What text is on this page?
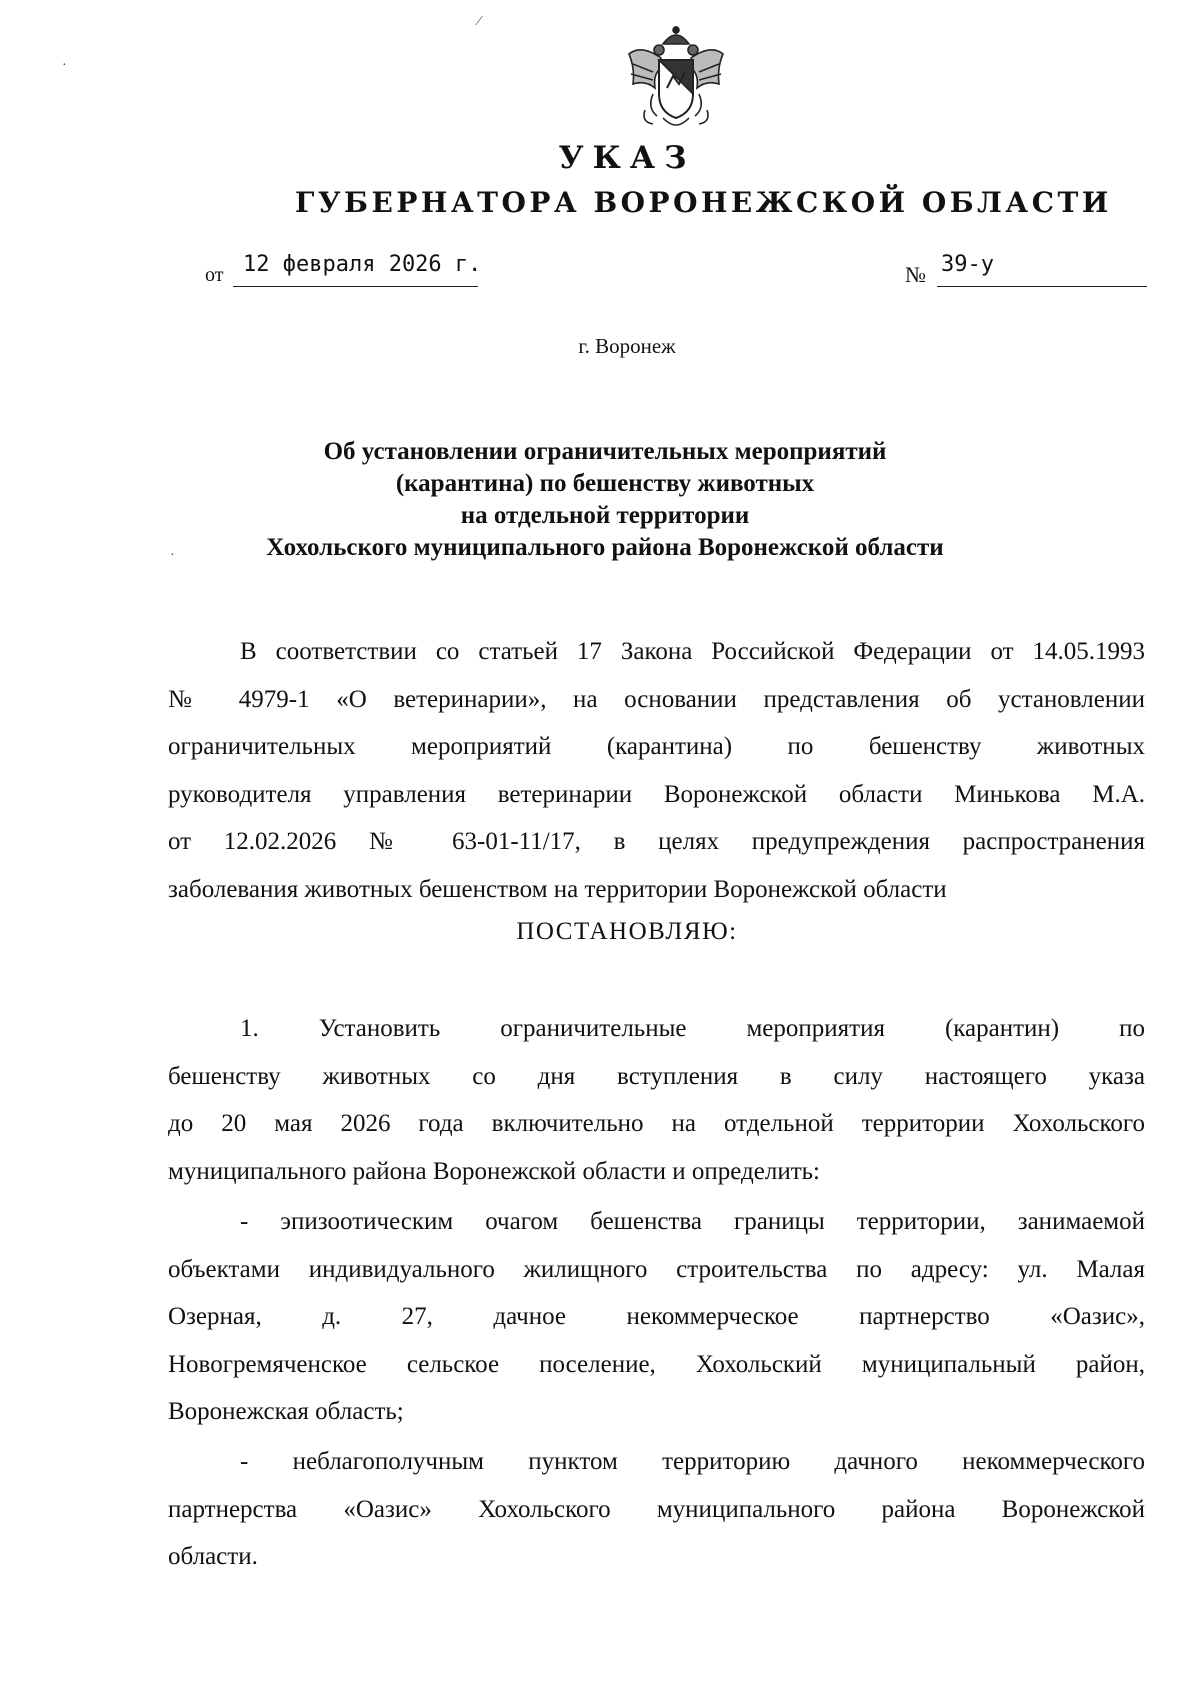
УКАЗ
ГУБЕРНАТОРА ВОРОНЕЖСКОЙ ОБЛАСТИ
от 12 февраля 2026 г.	№ 39-у
г. Воронеж
Об установлении ограничительных мероприятий
(карантина) по бешенству животных
на отдельной территории
Хохольского муниципального района Воронежской области
В соответствии со статьей 17 Закона Российской Федерации от 14.05.1993
№ 4979-1 «О ветеринарии», на основании представления об установлении
ограничительных мероприятий (карантина) по бешенству животных
руководителя управления ветеринарии Воронежской области Минькова М.А.
от 12.02.2026 № 63-01-11/17, в целях предупреждения распространения
заболевания животных бешенством на территории Воронежской области
ПОСТАНОВЛЯЮ:
1. Установить ограничительные мероприятия (карантин) по
бешенству животных со дня вступления в силу настоящего указа
до 20 мая 2026 года включительно на отдельной территории Хохольского
муниципального района Воронежской области и определить:
- эпизоотическим очагом бешенства границы территории, занимаемой
объектами индивидуального жилищного строительства по адресу: ул. Малая
Озерная, д. 27, дачное некоммерческое партнерство «Оазис»,
Новогремяченское сельское поселение, Хохольский муниципальный район,
Воронежская область;
- неблагополучным пунктом территорию дачного некоммерческого
партнерства «Оазис» Хохольского муниципального района Воронежской
области.
⁄
·
·
